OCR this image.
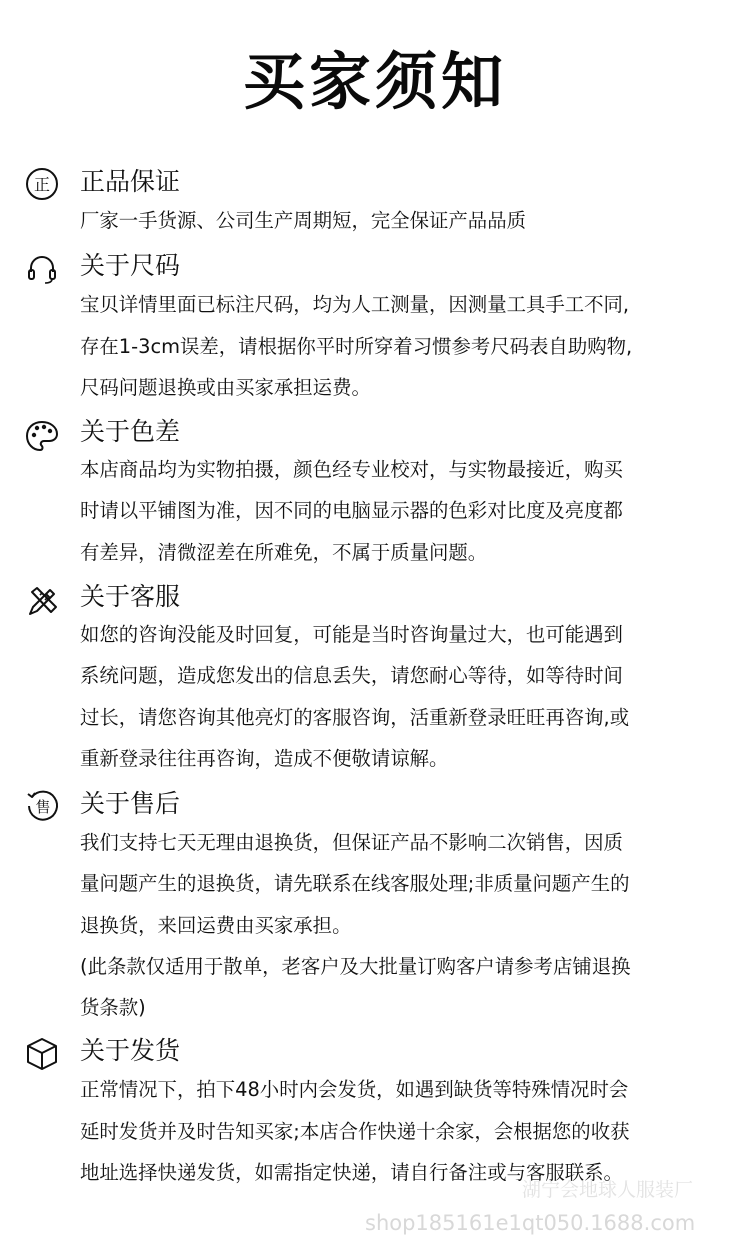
买家须知
正 正品保证
厂家一手货源、公司生产周期短，完全保证产品品质
关于尺码
宝贝详情里面已标注尺码，均为人工测量，因测量工具手工不同,
存在1-3cm误差，请根据你平时所穿着习惯参考尺码表自助购物,
尺码问题退换或由买家承担运费。
关于色差
本店商品均为实物拍摄，颜色经专业校对，与实物最接近，购买
时请以平铺图为准，因不同的电脑显示器的色彩对比度及亮度都
有差异，清微涩差在所难免，不属于质量问题。
关于客服
如您的咨询没能及时回复，可能是当时咨询量过大，也可能遇到
系统问题，造成您发出的信息丢失，请您耐心等待，如等待时间
过长，请您咨询其他亮灯的客服咨询，活重新登录旺旺再咨询,或
重新登录往往再咨询，造成不便敬请谅解。
售 关于售后
我们支持七天无理由退换货，但保证产品不影响二次销售，因质
量问题产生的退换货，请先联系在线客服处理;非质量问题产生的
退换货，来回运费由买家承担。
(此条款仅适用于散单，老客户及大批量订购客户请参考店铺退换
货条款)
关于发货
正常情况下，拍下48小时内会发货，如遇到缺货等特殊情况时会
延时发货并及时告知买家;本店合作快递十余家，会根据您的收获
地址选择快递发货，如需指定快递，请自行备注或与客服联系。
湖宁会地球人服装厂
shop185161e1qt050.1688.com
